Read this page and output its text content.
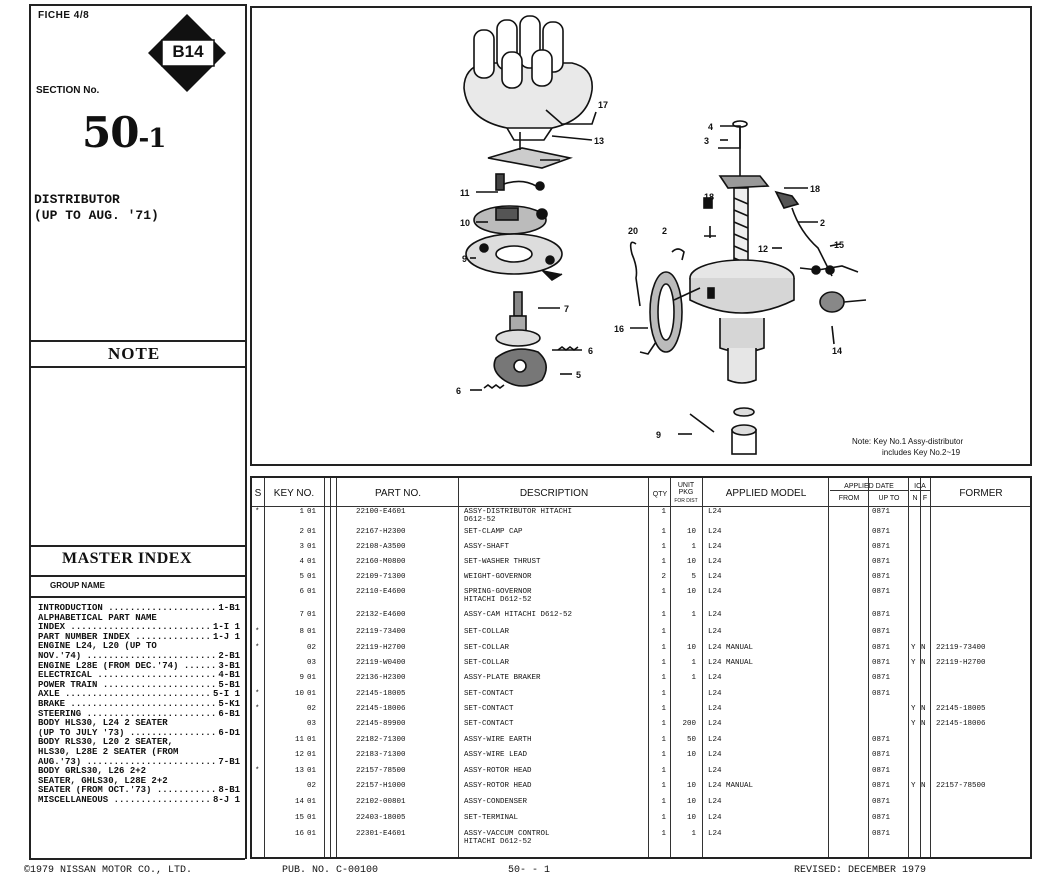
FICHE 4/8
B14
SECTION No.
50-1
DISTRIBUTOR
(UP TO AUG. '71)
NOTE
MASTER INDEX
GROUP NAME
INTRODUCTION .....	1-B1
ALPHABETICAL PART NAME
INDEX .....	1-I 1
PART NUMBER INDEX .....	1-J 1
ENGINE L24, L20 (UP TO
NOV.'74) .....	2-B1
ENGINE L28E (FROM DEC.'74) .....	3-B1
ELECTRICAL .....	4-B1
POWER TRAIN .....	5-B1
AXLE .....	5-I 1
BRAKE .....	5-K1
STEERING .....	6-B1
BODY HLS30, L24 2 SEATER
(UP TO JULY '73) .....	6-D1
BODY RLS30, L20 2 SEATER,
HLS30, L28E 2 SEATER (FROM
AUG.'73) .....	7-B1
BODY GRLS30, L26 2+2
SEATER, GHLS30, L28E 2+2
SEATER (FROM OCT.'73) .....	8-B1
MISCELLANEOUS .....	8-J 1
17
13
11
10
9
7
6
5
6
4
3
18
18
2
2
20
12	15
16
14
9
Note: Key No.1 Assy-distributor
includes Key No.2~19
S	KEY NO.	PART NO.	DESCRIPTION	QTY
UNIT PKG
FOR DIST
APPLIED MODEL
APPLIED DATE
FROM	UP TO
ICA
N F	FORMER
*	1 01	22100-E4601	ASSY-DISTRIBUTOR HITACHI
D612-52
1	L24	0871
2 01	22167-H2300	SET-CLAMP CAP	1	10 L24	0871
3 01	22108-A3500	ASSY-SHAFT	1	1 L24	0871
4 01	22160-M0800	SET-WASHER THRUST	1	10 L24	0871
5 01	22109-71300	WEIGHT-GOVERNOR	2	5 L24	0871
6 01	22110-E4600	SPRING-GOVERNOR
HITACHI D612-52
1	10 L24	0871
7 01	22132-E4600	ASSY-CAM HITACHI D612-52	1	1 L24	0871
*	8 01	22119-73400	SET-COLLAR	1	L24	0871
*	02	22119-H2700	SET-COLLAR	1	10 L24 MANUAL	0871	Y N 22119-73400
03	22119-W0400	SET-COLLAR	1	1 L24 MANUAL	0871	Y N 22119-H2700
9 01	22136-H2300	ASSY-PLATE BRAKER	1	1 L24	0871
*	10 01	22145-18005	SET-CONTACT	1	L24	0871
*	02	22145-18006	SET-CONTACT	1	L24	Y N 22145-18005
03	22145-89900	SET-CONTACT	1	200 L24	Y N 22145-18006
11 01	22182-71300	ASSY-WIRE EARTH	1	50 L24	0871
12 01	22183-71300	ASSY-WIRE LEAD	1	10 L24	0871
*	13 01	22157-78500	ASSY-ROTOR HEAD	1	L24	0871
02	22157-H1000	ASSY-ROTOR HEAD	1	10 L24 MANUAL	0871	Y N 22157-78500
14 01	22102-00801	ASSY-CONDENSER	1	10 L24	0871
15 01	22403-18005	SET-TERMINAL	1	10 L24	0871
16 01	22301-E4601	ASSY-VACCUM CONTROL
HITACHI D612-52
1	1 L24	0871
©1979 NISSAN MOTOR CO., LTD.	PUB. NO. C-00100	50- - 1	REVISED: DECEMBER 1979
